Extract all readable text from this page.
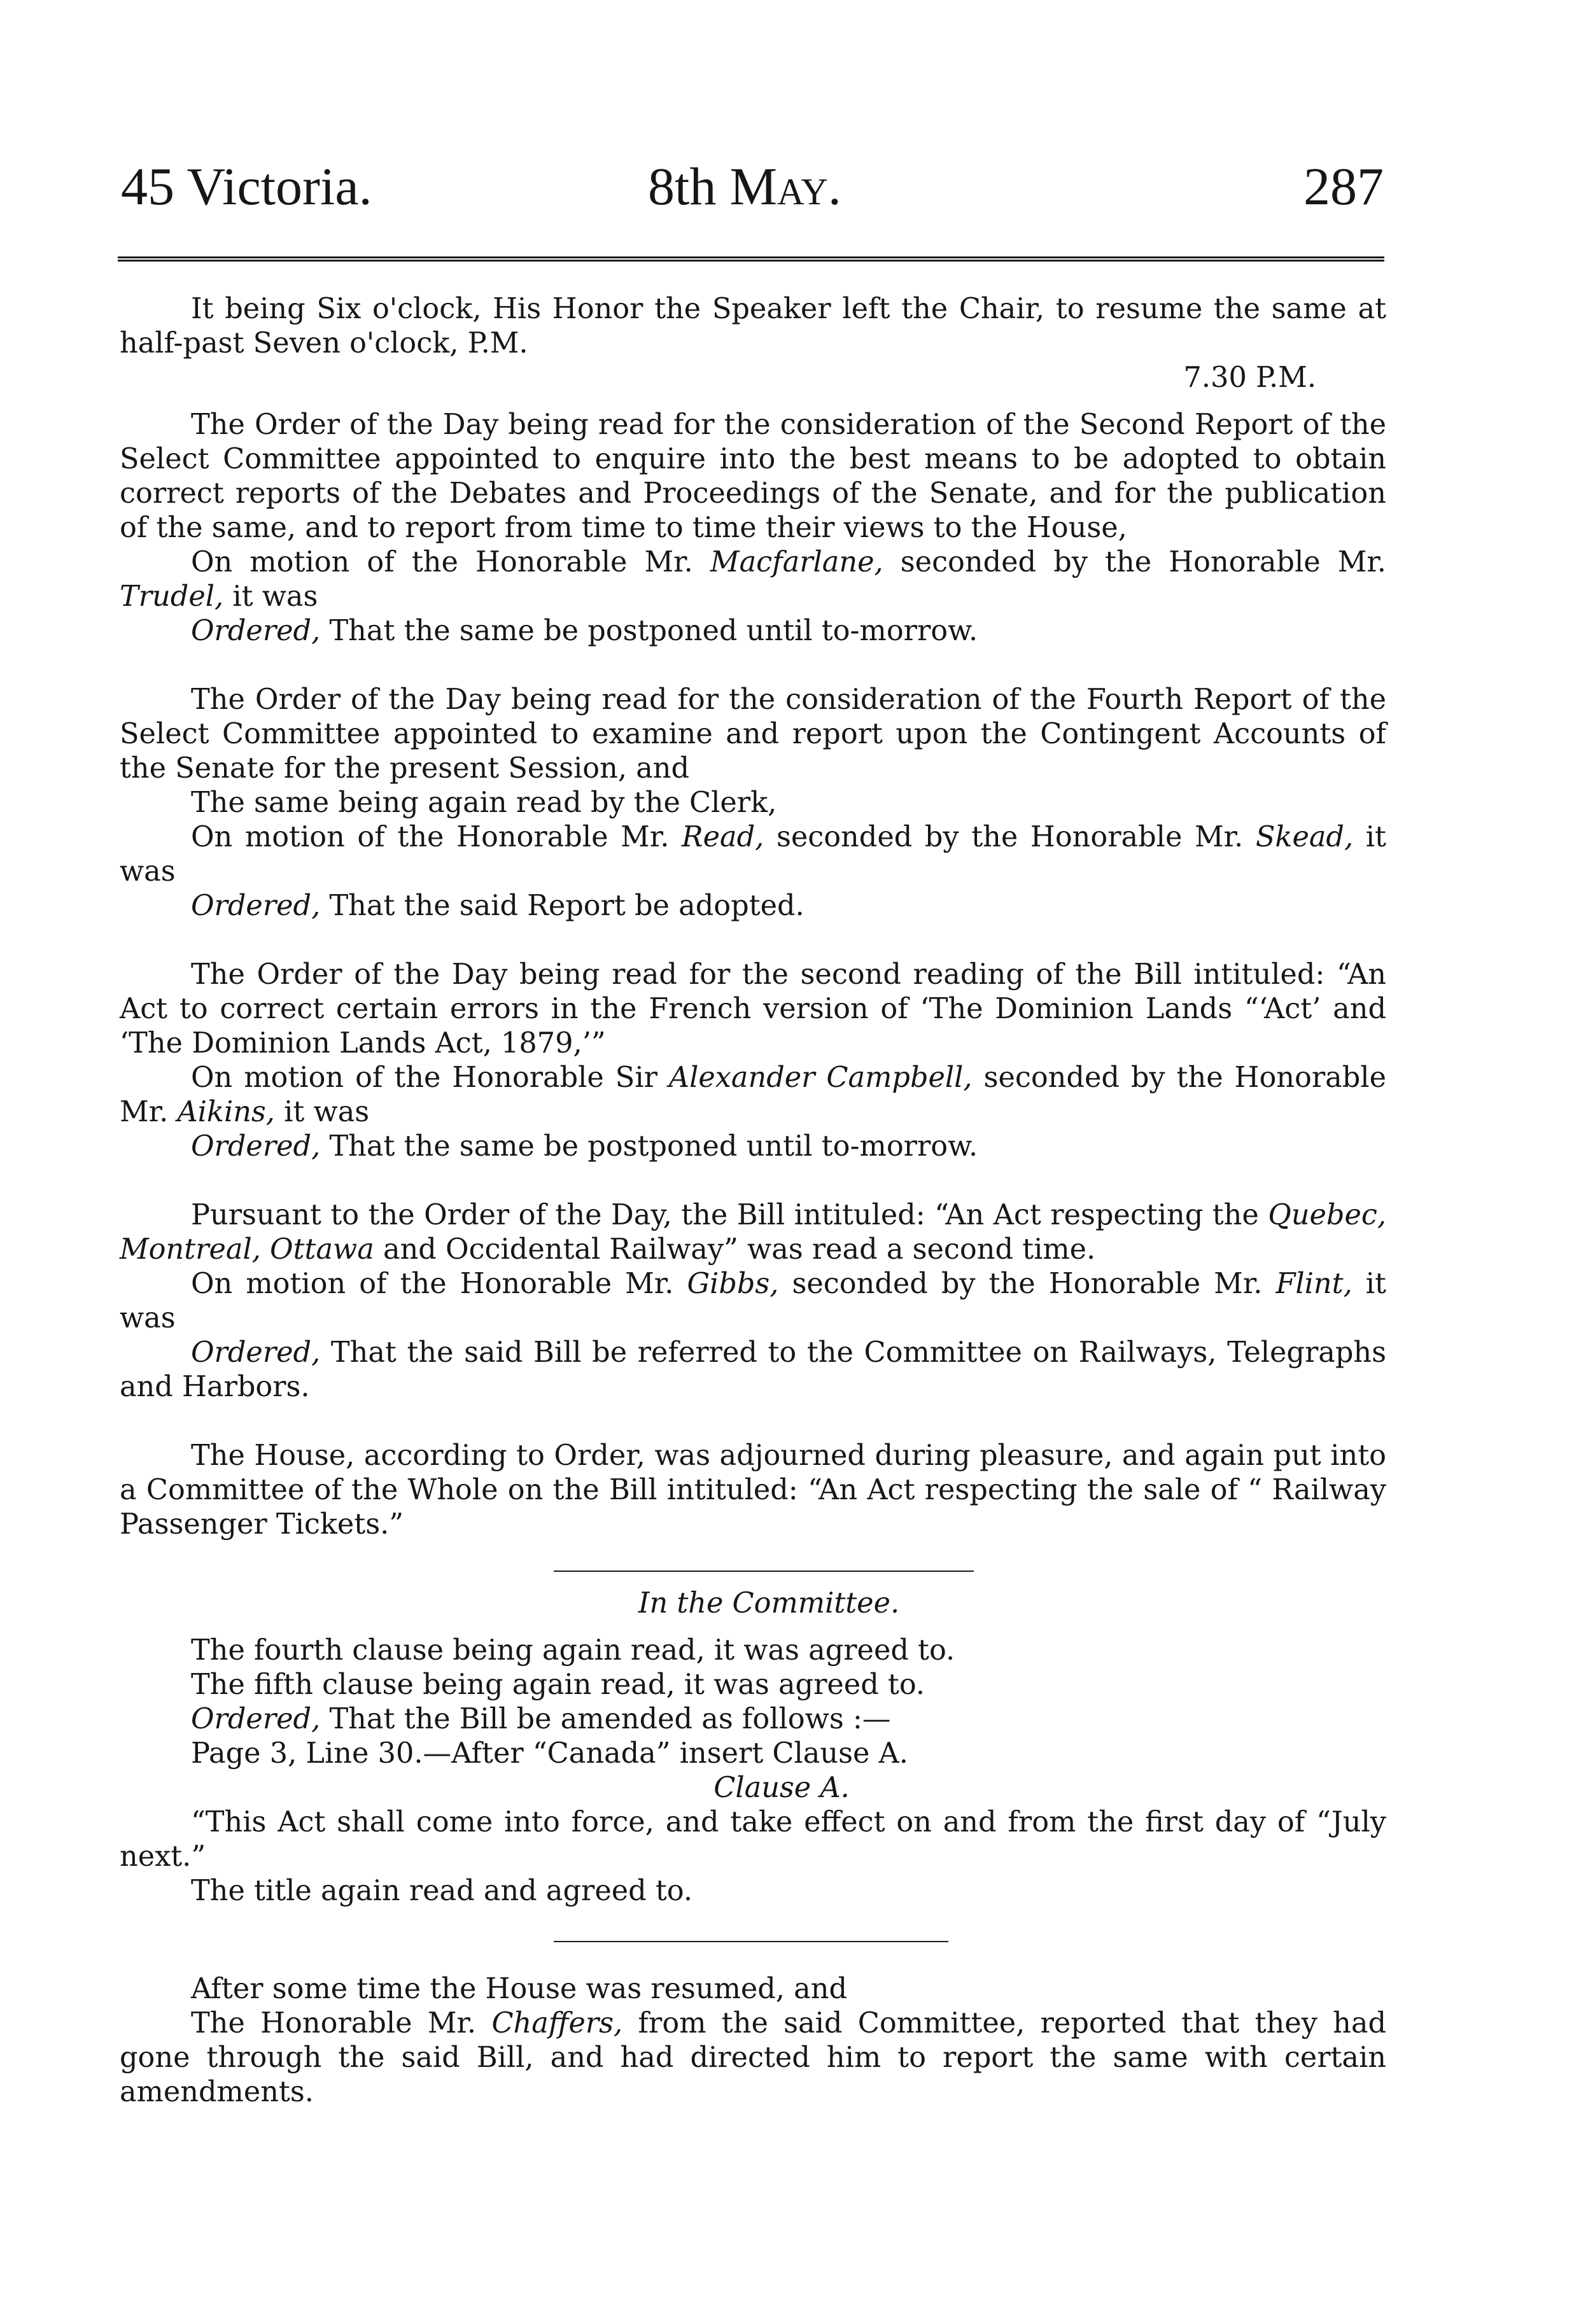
45 Victoria.	8th May.	287

It being Six o'clock, His Honor the Speaker left the Chair, to resume the same at half-past Seven o'clock, P.M.

7.30 P.M.

The Order of the Day being read for the consideration of the Second Report of the Select Committee appointed to enquire into the best means to be adopted to obtain correct reports of the Debates and Proceedings of the Senate, and for the publication of the same, and to report from time to time their views to the House,

On motion of the Honorable Mr. Macfarlane, seconded by the Honorable Mr. Trudel, it was

Ordered, That the same be postponed until to-morrow.

The Order of the Day being read for the consideration of the Fourth Report of the Select Committee appointed to examine and report upon the Contingent Accounts of the Senate for the present Session, and

The same being again read by the Clerk,

On motion of the Honorable Mr. Read, seconded by the Honorable Mr. Skead, it was

Ordered, That the said Report be adopted.

The Order of the Day being read for the second reading of the Bill intituled: “An Act to correct certain errors in the French version of ‘The Dominion Lands “‘Act’ and ‘The Dominion Lands Act, 1879,’”

On motion of the Honorable Sir Alexander Campbell, seconded by the Honorable Mr. Aikins, it was

Ordered, That the same be postponed until to-morrow.

Pursuant to the Order of the Day, the Bill intituled: “An Act respecting the Quebec, Montreal, Ottawa and Occidental Railway” was read a second time.

On motion of the Honorable Mr. Gibbs, seconded by the Honorable Mr. Flint, it was

Ordered, That the said Bill be referred to the Committee on Railways, Telegraphs and Harbors.

The House, according to Order, was adjourned during pleasure, and again put into a Committee of the Whole on the Bill intituled: “An Act respecting the sale of “ Railway Passenger Tickets.”

In the Committee.

The fourth clause being again read, it was agreed to.

The fifth clause being again read, it was agreed to.

Ordered, That the Bill be amended as follows :—

Page 3, Line 30.—After “Canada” insert Clause A.

Clause A.

“This Act shall come into force, and take effect on and from the first day of “July next.”

The title again read and agreed to.

After some time the House was resumed, and

The Honorable Mr. Chaffers, from the said Committee, reported that they had gone through the said Bill, and had directed him to report the same with certain amendments.
